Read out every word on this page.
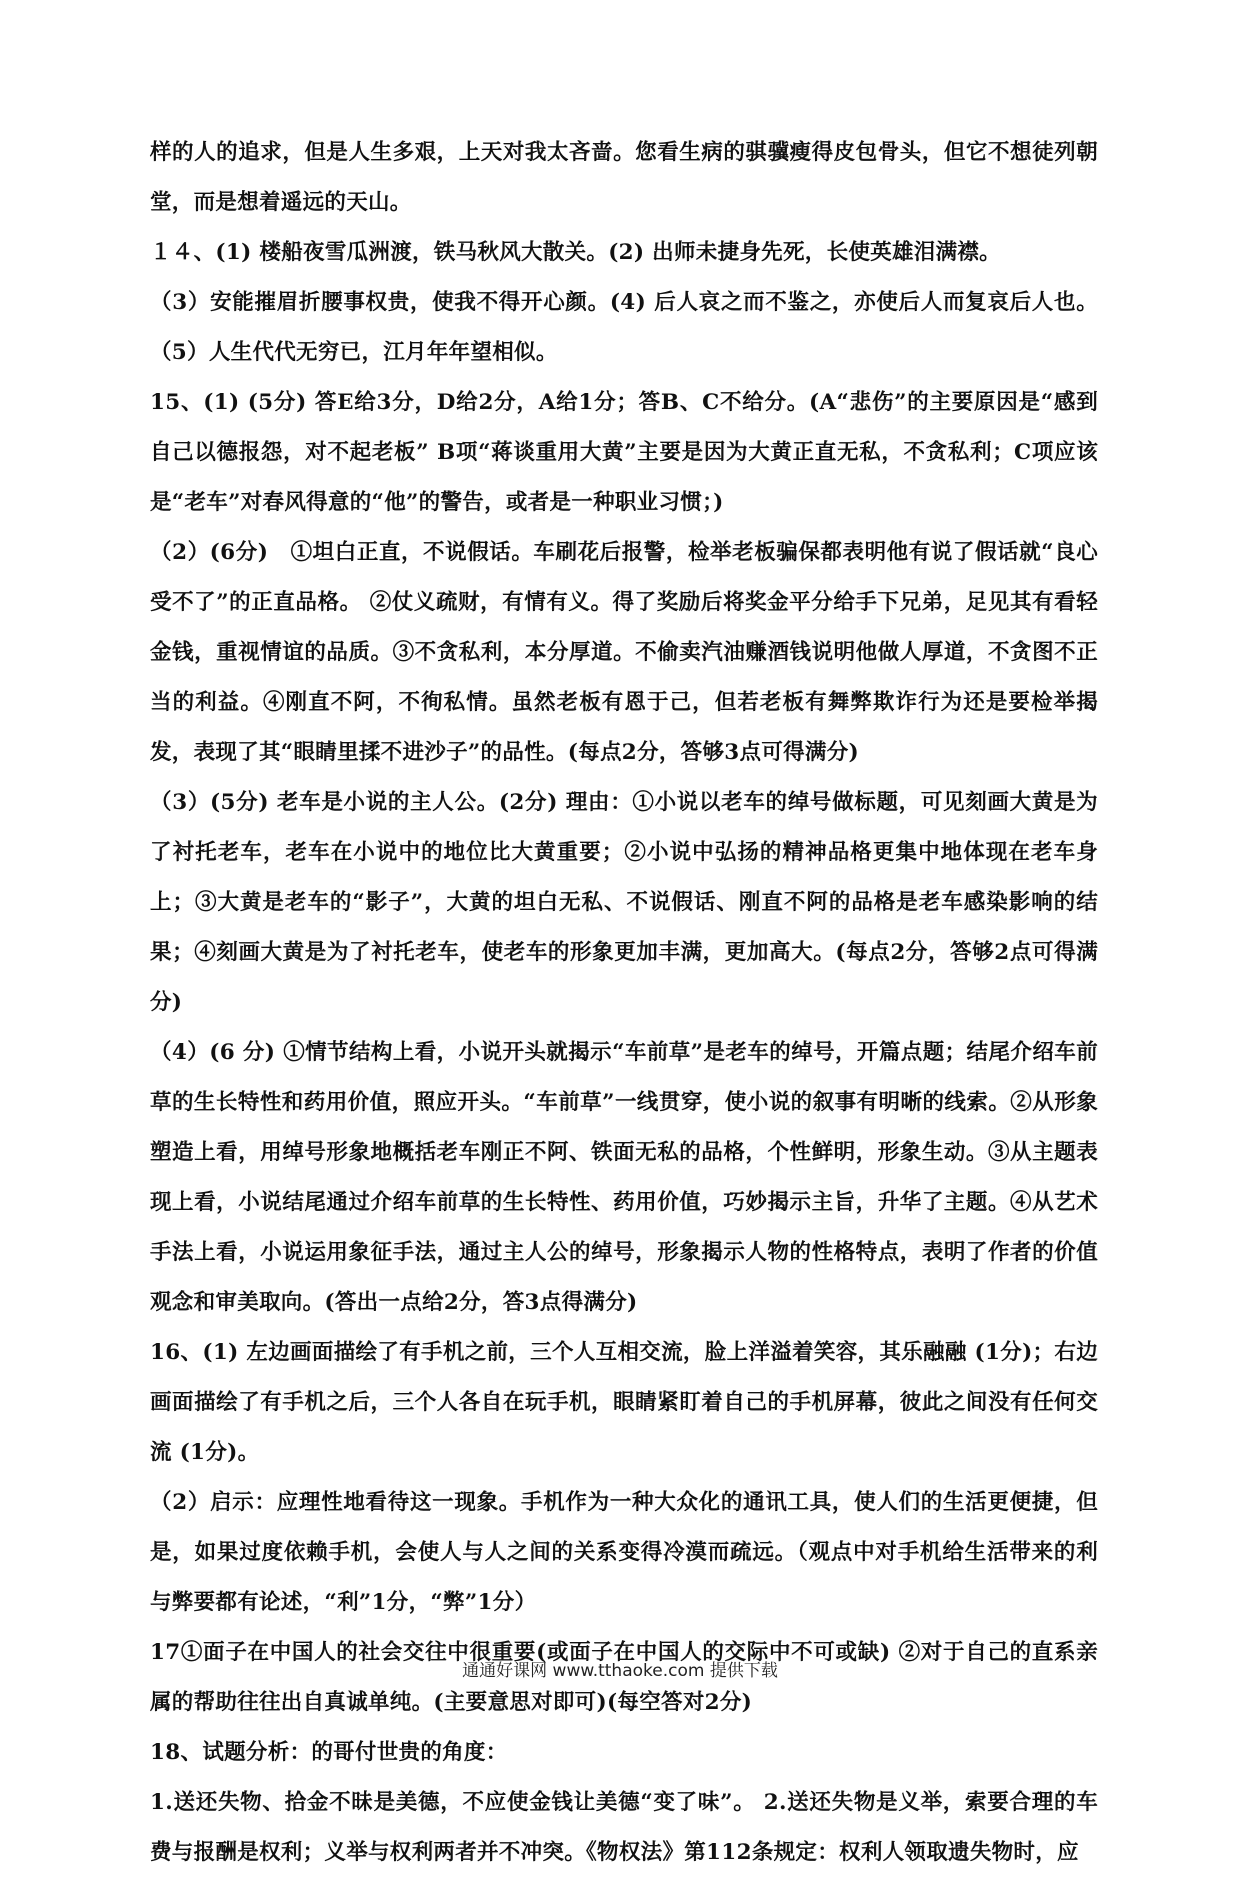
样的人的追求，但是人生多艰，上天对我太吝啬。您看生病的骐骥瘦得皮包骨头，但它不想徒列朝堂，而是想着遥远的天山。

１４、(1) 楼船夜雪瓜洲渡，铁马秋风大散关。(2) 出师未捷身先死，长使英雄泪满襟。

（3）安能摧眉折腰事权贵，使我不得开心颜。(4) 后人哀之而不鉴之，亦使后人而复哀后人也。（5）人生代代无穷已，江月年年望相似。

15、(1) (5分) 答E给3分，D给2分，A给1分；答B、C不给分。(A“悲伤”的主要原因是“感到自己以德报怨，对不起老板” B项“蒋谈重用大黄”主要是因为大黄正直无私，不贪私利；C项应该是“老车”对春风得意的“他”的警告，或者是一种职业习惯；)

（2）(6分)　①坦白正直，不说假话。车刷花后报警，检举老板骗保都表明他有说了假话就“良心受不了”的正直品格。 ②仗义疏财，有情有义。得了奖励后将奖金平分给手下兄弟，足见其有看轻金钱，重视情谊的品质。③不贪私利，本分厚道。不偷卖汽油赚酒钱说明他做人厚道，不贪图不正当的利益。④刚直不阿，不徇私情。虽然老板有恩于己，但若老板有舞弊欺诈行为还是要检举揭发，表现了其“眼睛里揉不进沙子”的品性。(每点2分，答够3点可得满分)

（3）(5分) 老车是小说的主人公。(2分) 理由：①小说以老车的绰号做标题，可见刻画大黄是为了衬托老车，老车在小说中的地位比大黄重要；②小说中弘扬的精神品格更集中地体现在老车身上；③大黄是老车的“影子”，大黄的坦白无私、不说假话、刚直不阿的品格是老车感染影响的结果；④刻画大黄是为了衬托老车，使老车的形象更加丰满，更加高大。(每点2分，答够2点可得满分)

（4）(6 分) ①情节结构上看，小说开头就揭示“车前草”是老车的绰号，开篇点题；结尾介绍车前草的生长特性和药用价值，照应开头。“车前草”一线贯穿，使小说的叙事有明晰的线索。②从形象塑造上看，用绰号形象地概括老车刚正不阿、铁面无私的品格，个性鲜明，形象生动。③从主题表现上看，小说结尾通过介绍车前草的生长特性、药用价值，巧妙揭示主旨，升华了主题。④从艺术手法上看，小说运用象征手法，通过主人公的绰号，形象揭示人物的性格特点，表明了作者的价值观念和审美取向。(答出一点给2分，答3点得满分)

16、(1) 左边画面描绘了有手机之前，三个人互相交流，脸上洋溢着笑容，其乐融融 (1分)；右边画面描绘了有手机之后，三个人各自在玩手机，眼睛紧盯着自己的手机屏幕，彼此之间没有任何交流 (1分)。

（2）启示：应理性地看待这一现象。手机作为一种大众化的通讯工具，使人们的生活更便捷，但是，如果过度依赖手机，会使人与人之间的关系变得冷漠而疏远。（观点中对手机给生活带来的利与弊要都有论述，“利”1分，“弊”1分）

17①面子在中国人的社会交往中很重要(或面子在中国人的交际中不可或缺) ②对于自己的直系亲属的帮助往往出自真诚单纯。(主要意思对即可)(每空答对2分)

18、试题分析：的哥付世贵的角度：

1.送还失物、拾金不昧是美德，不应使金钱让美德“变了味”。 2.送还失物是义举，索要合理的车费与报酬是权利；义举与权利两者并不冲突。《物权法》第112条规定：权利人领取遗失物时，应

通通好课网 www.tthaoke.com 提供下载
